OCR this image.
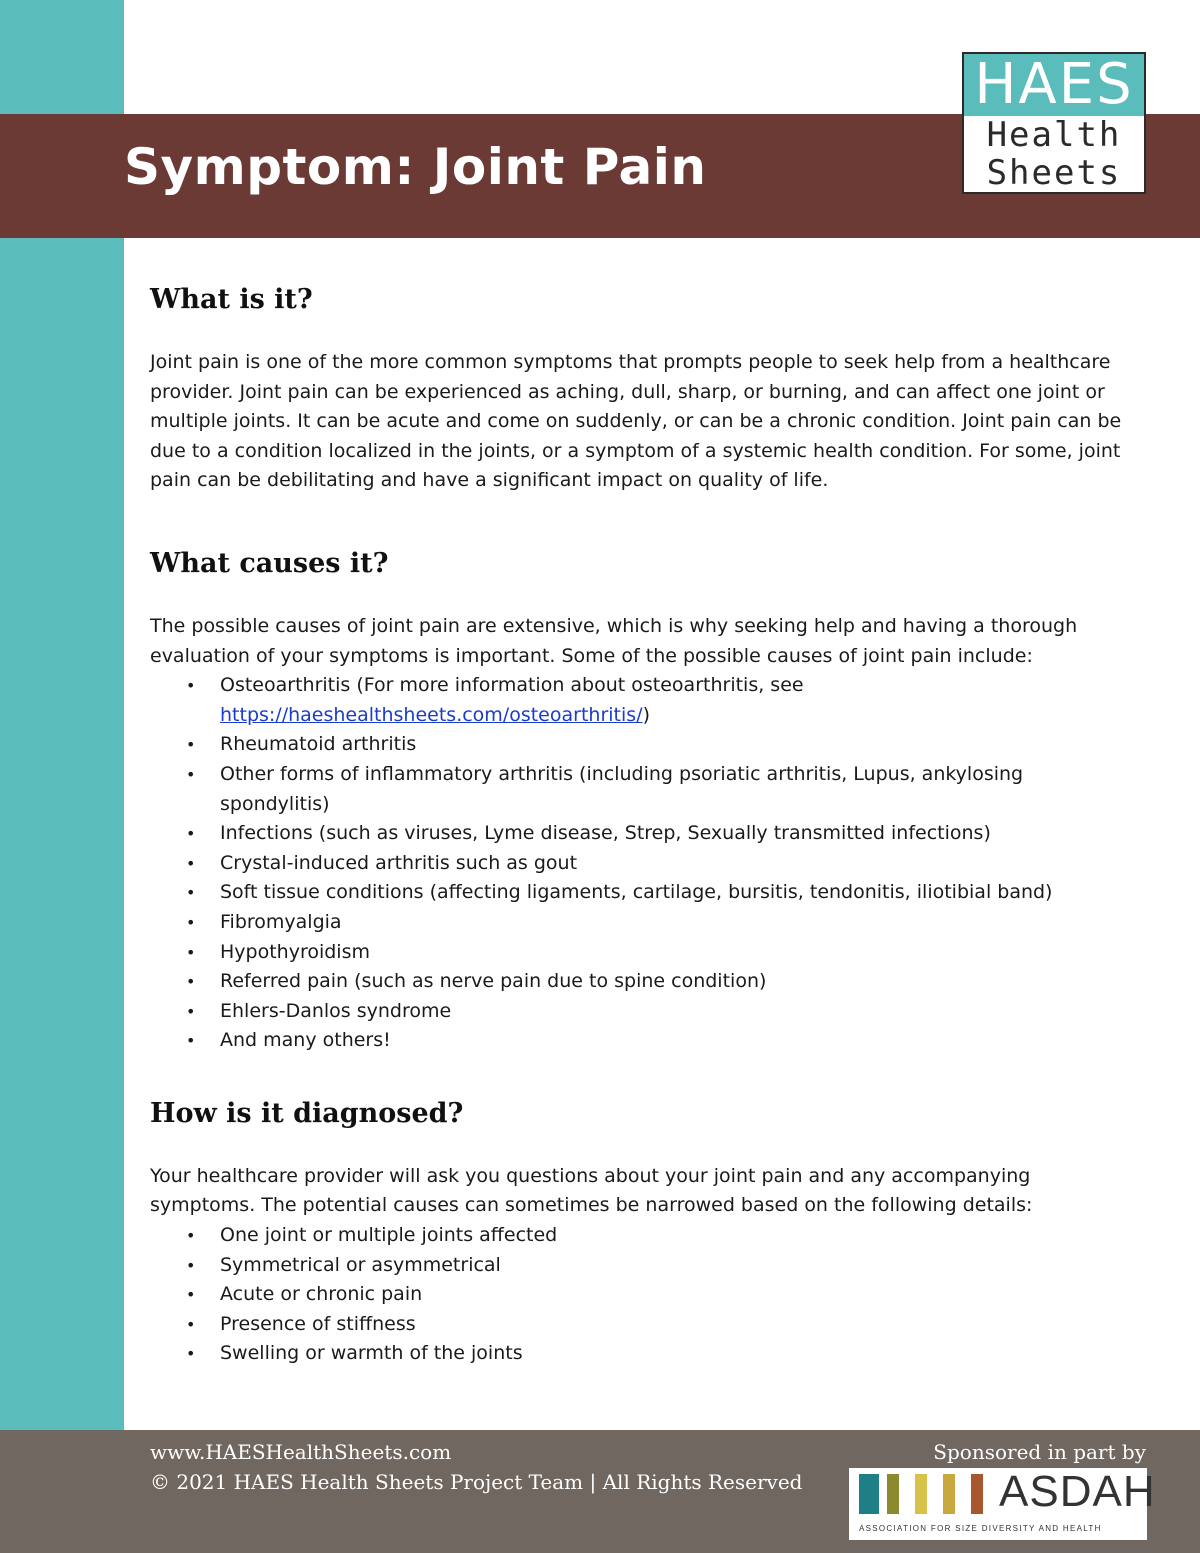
Symptom: Joint Pain
HAES
Health
Sheets
What is it?

Joint pain is one of the more common symptoms that prompts people to seek help from a healthcare provider. Joint pain can be experienced as aching, dull, sharp, or burning, and can affect one joint or multiple joints. It can be acute and come on suddenly, or can be a chronic condition. Joint pain can be due to a condition localized in the joints, or a symptom of a systemic health condition. For some, joint pain can be debilitating and have a significant impact on quality of life.

What causes it?

The possible causes of joint pain are extensive, which is why seeking help and having a thorough evaluation of your symptoms is important. Some of the possible causes of joint pain include:

• Osteoarthritis (For more information about osteoarthritis, see
https://haeshealthsheets.com/osteoarthritis/)
• Rheumatoid arthritis
• Other forms of inflammatory arthritis (including psoriatic arthritis, Lupus, ankylosing spondylitis)
• Infections (such as viruses, Lyme disease, Strep, Sexually transmitted infections)
• Crystal-induced arthritis such as gout
• Soft tissue conditions (affecting ligaments, cartilage, bursitis, tendonitis, iliotibial band)
• Fibromyalgia
• Hypothyroidism
• Referred pain (such as nerve pain due to spine condition)
• Ehlers-Danlos syndrome
• And many others!
How is it diagnosed?

Your healthcare provider will ask you questions about your joint pain and any accompanying symptoms. The potential causes can sometimes be narrowed based on the following details:

• One joint or multiple joints affected
• Symmetrical or asymmetrical
• Acute or chronic pain
• Presence of stiffness
• Swelling or warmth of the joints
www.HAESHealthSheets.com
© 2021 HAES Health Sheets Project Team | All Rights Reserved
Sponsored in part by
ASDAH
ASSOCIATION FOR SIZE DIVERSITY AND HEALTH
